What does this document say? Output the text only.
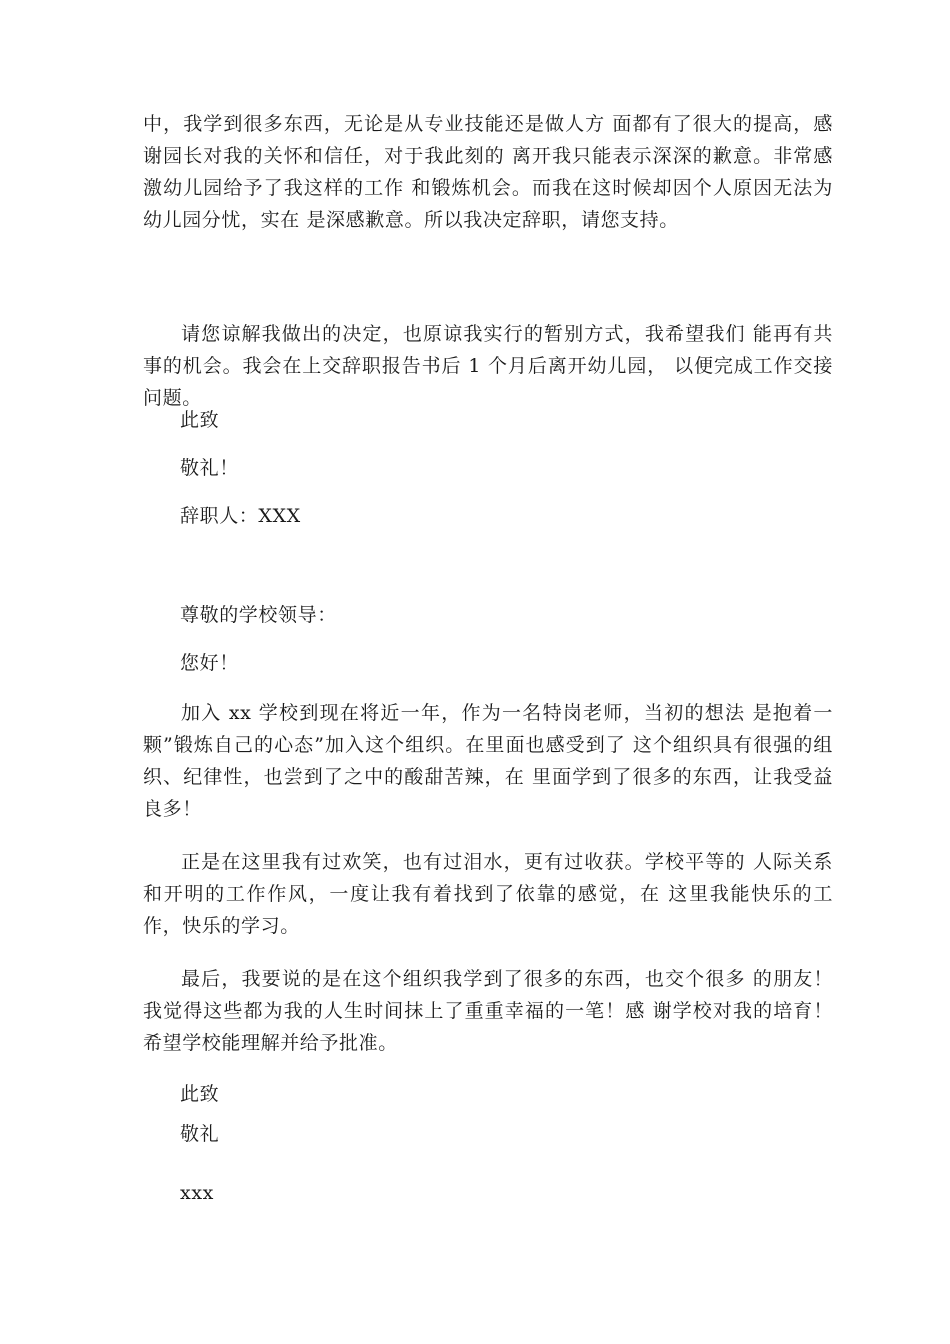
中，我学到很多东西，无论是从专业技能还是做人方 面都有了很大的提高，感谢园长对我的关怀和信任，对于我此刻的 离开我只能表示深深的歉意。非常感激幼儿园给予了我这样的工作 和锻炼机会。而我在这时候却因个人原因无法为幼儿园分忧，实在 是深感歉意。所以我决定辞职，请您支持。

请您谅解我做出的决定，也原谅我实行的暂别方式，我希望我们 能再有共事的机会。我会在上交辞职报告书后 1 个月后离开幼儿园， 以便完成工作交接问题。

此致

敬礼！

辞职人：XXX

尊敬的学校领导：

您好！

加入 xx 学校到现在将近一年，作为一名特岗老师，当初的想法 是抱着一颗”锻炼自己的心态”加入这个组织。在里面也感受到了 这个组织具有很强的组织、纪律性，也尝到了之中的酸甜苦辣，在 里面学到了很多的东西，让我受益良多！

正是在这里我有过欢笑，也有过泪水，更有过收获。学校平等的 人际关系和开明的工作作风，一度让我有着找到了依靠的感觉，在 这里我能快乐的工作，快乐的学习。

最后，我要说的是在这个组织我学到了很多的东西，也交个很多 的朋友！我觉得这些都为我的人生时间抹上了重重幸福的一笔！感 谢学校对我的培育！希望学校能理解并给予批准。

此致

敬礼

xxx
